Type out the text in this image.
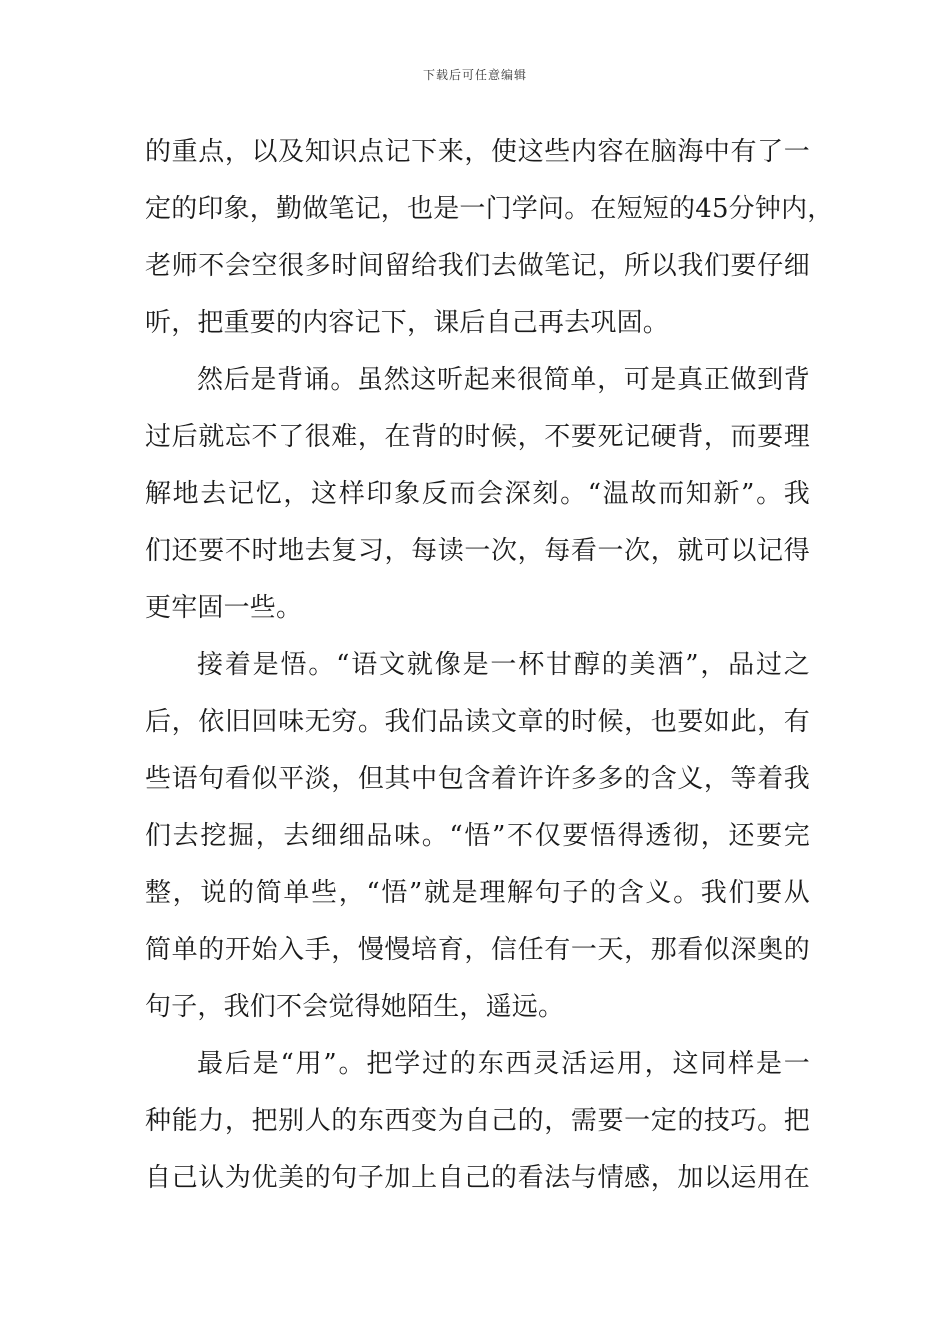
下载后可任意编辑
的重点，以及知识点记下来，使这些内容在脑海中有了一
定的印象，勤做笔记，也是一门学问。在短短的45分钟内，
老师不会空很多时间留给我们去做笔记，所以我们要仔细
听，把重要的内容记下，课后自己再去巩固。
然后是背诵。虽然这听起来很简单，可是真正做到背
过后就忘不了很难，在背的时候，不要死记硬背，而要理
解地去记忆，这样印象反而会深刻。“温故而知新”。我
们还要不时地去复习，每读一次，每看一次，就可以记得
更牢固一些。
接着是悟。“语文就像是一杯甘醇的美酒”，品过之
后，依旧回味无穷。我们品读文章的时候，也要如此，有
些语句看似平淡，但其中包含着许许多多的含义，等着我
们去挖掘，去细细品味。“悟”不仅要悟得透彻，还要完
整，说的简单些，“悟”就是理解句子的含义。我们要从
简单的开始入手，慢慢培育，信任有一天，那看似深奥的
句子，我们不会觉得她陌生，遥远。
最后是“用”。把学过的东西灵活运用，这同样是一
种能力，把别人的东西变为自己的，需要一定的技巧。把
自己认为优美的句子加上自己的看法与情感，加以运用在
